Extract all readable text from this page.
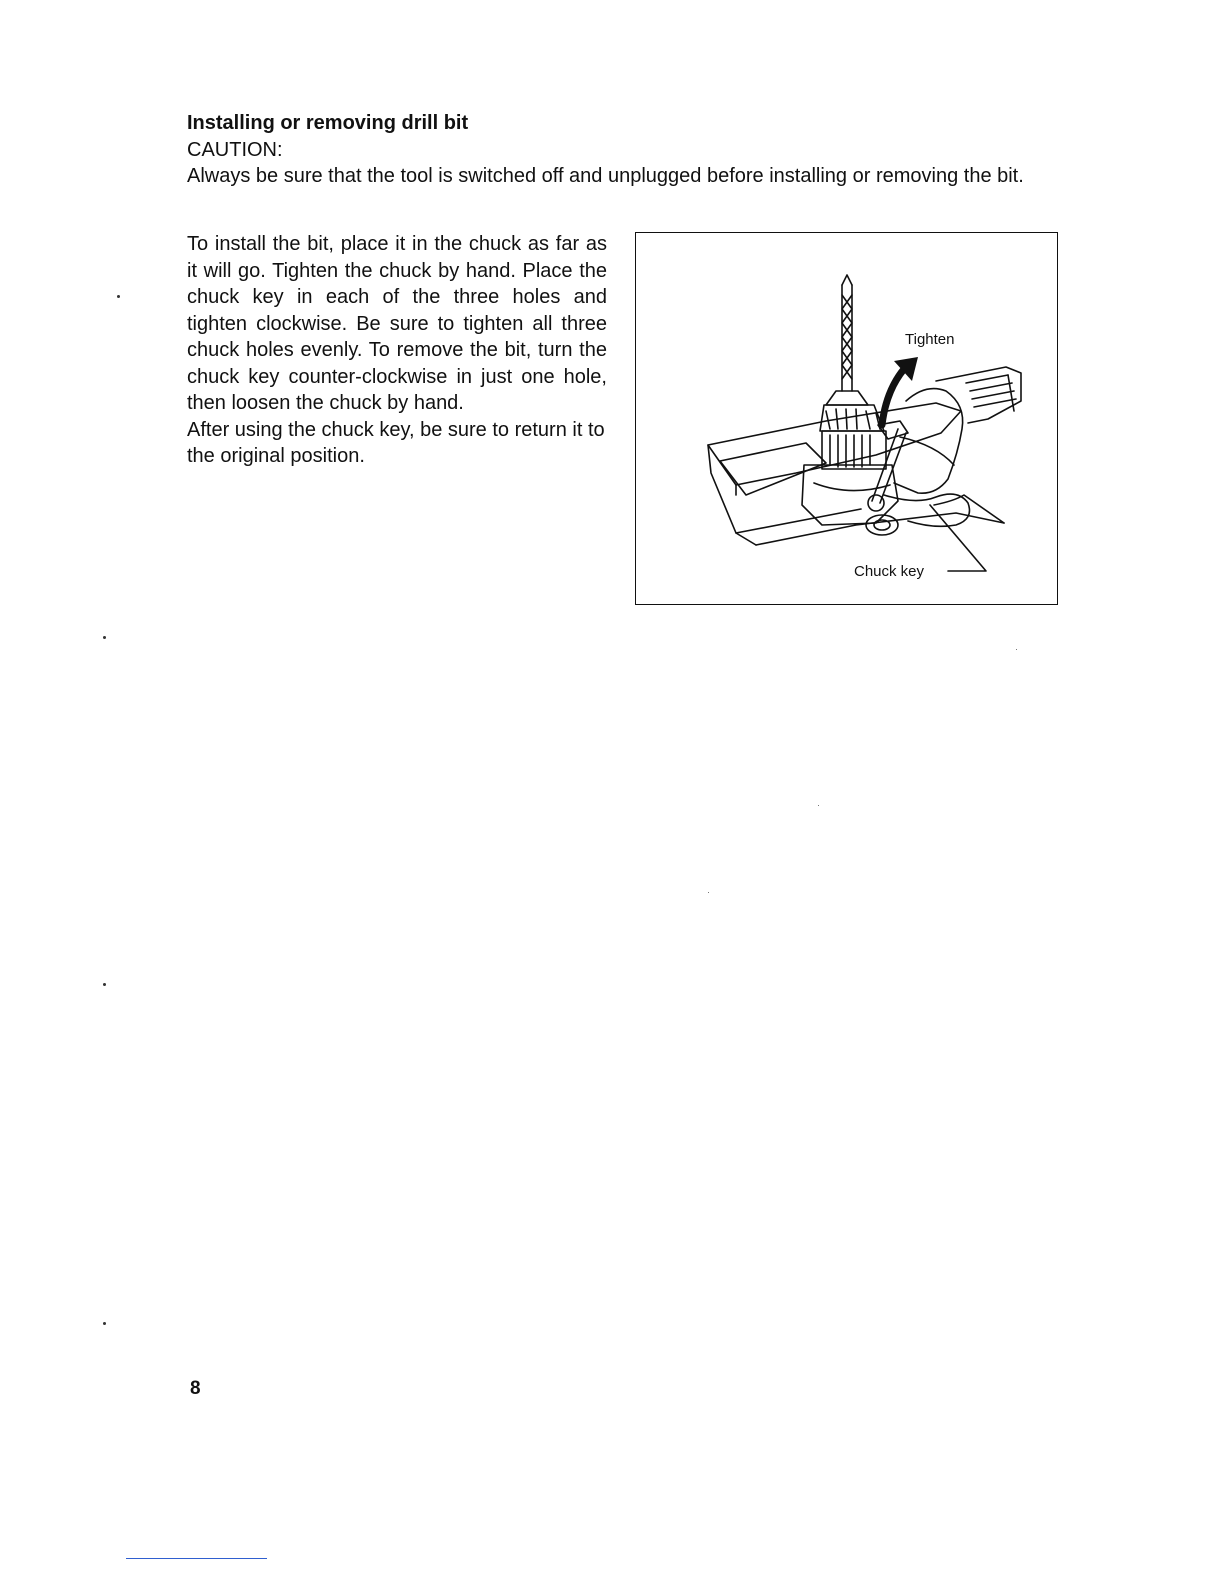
Installing or removing drill bit
CAUTION:

Always be sure that the tool is switched off and unplugged before installing or removing the bit.

To install the bit, place it in the chuck as far as it will go. Tighten the chuck by hand. Place the chuck key in each of the three holes and tighten clockwise. Be sure to tighten all three chuck holes evenly. To remove the bit, turn the chuck key counter-clockwise in just one hole, then loosen the chuck by hand.

After using the chuck key, be sure to return it to the original position.

Tighten
Chuck key
8
